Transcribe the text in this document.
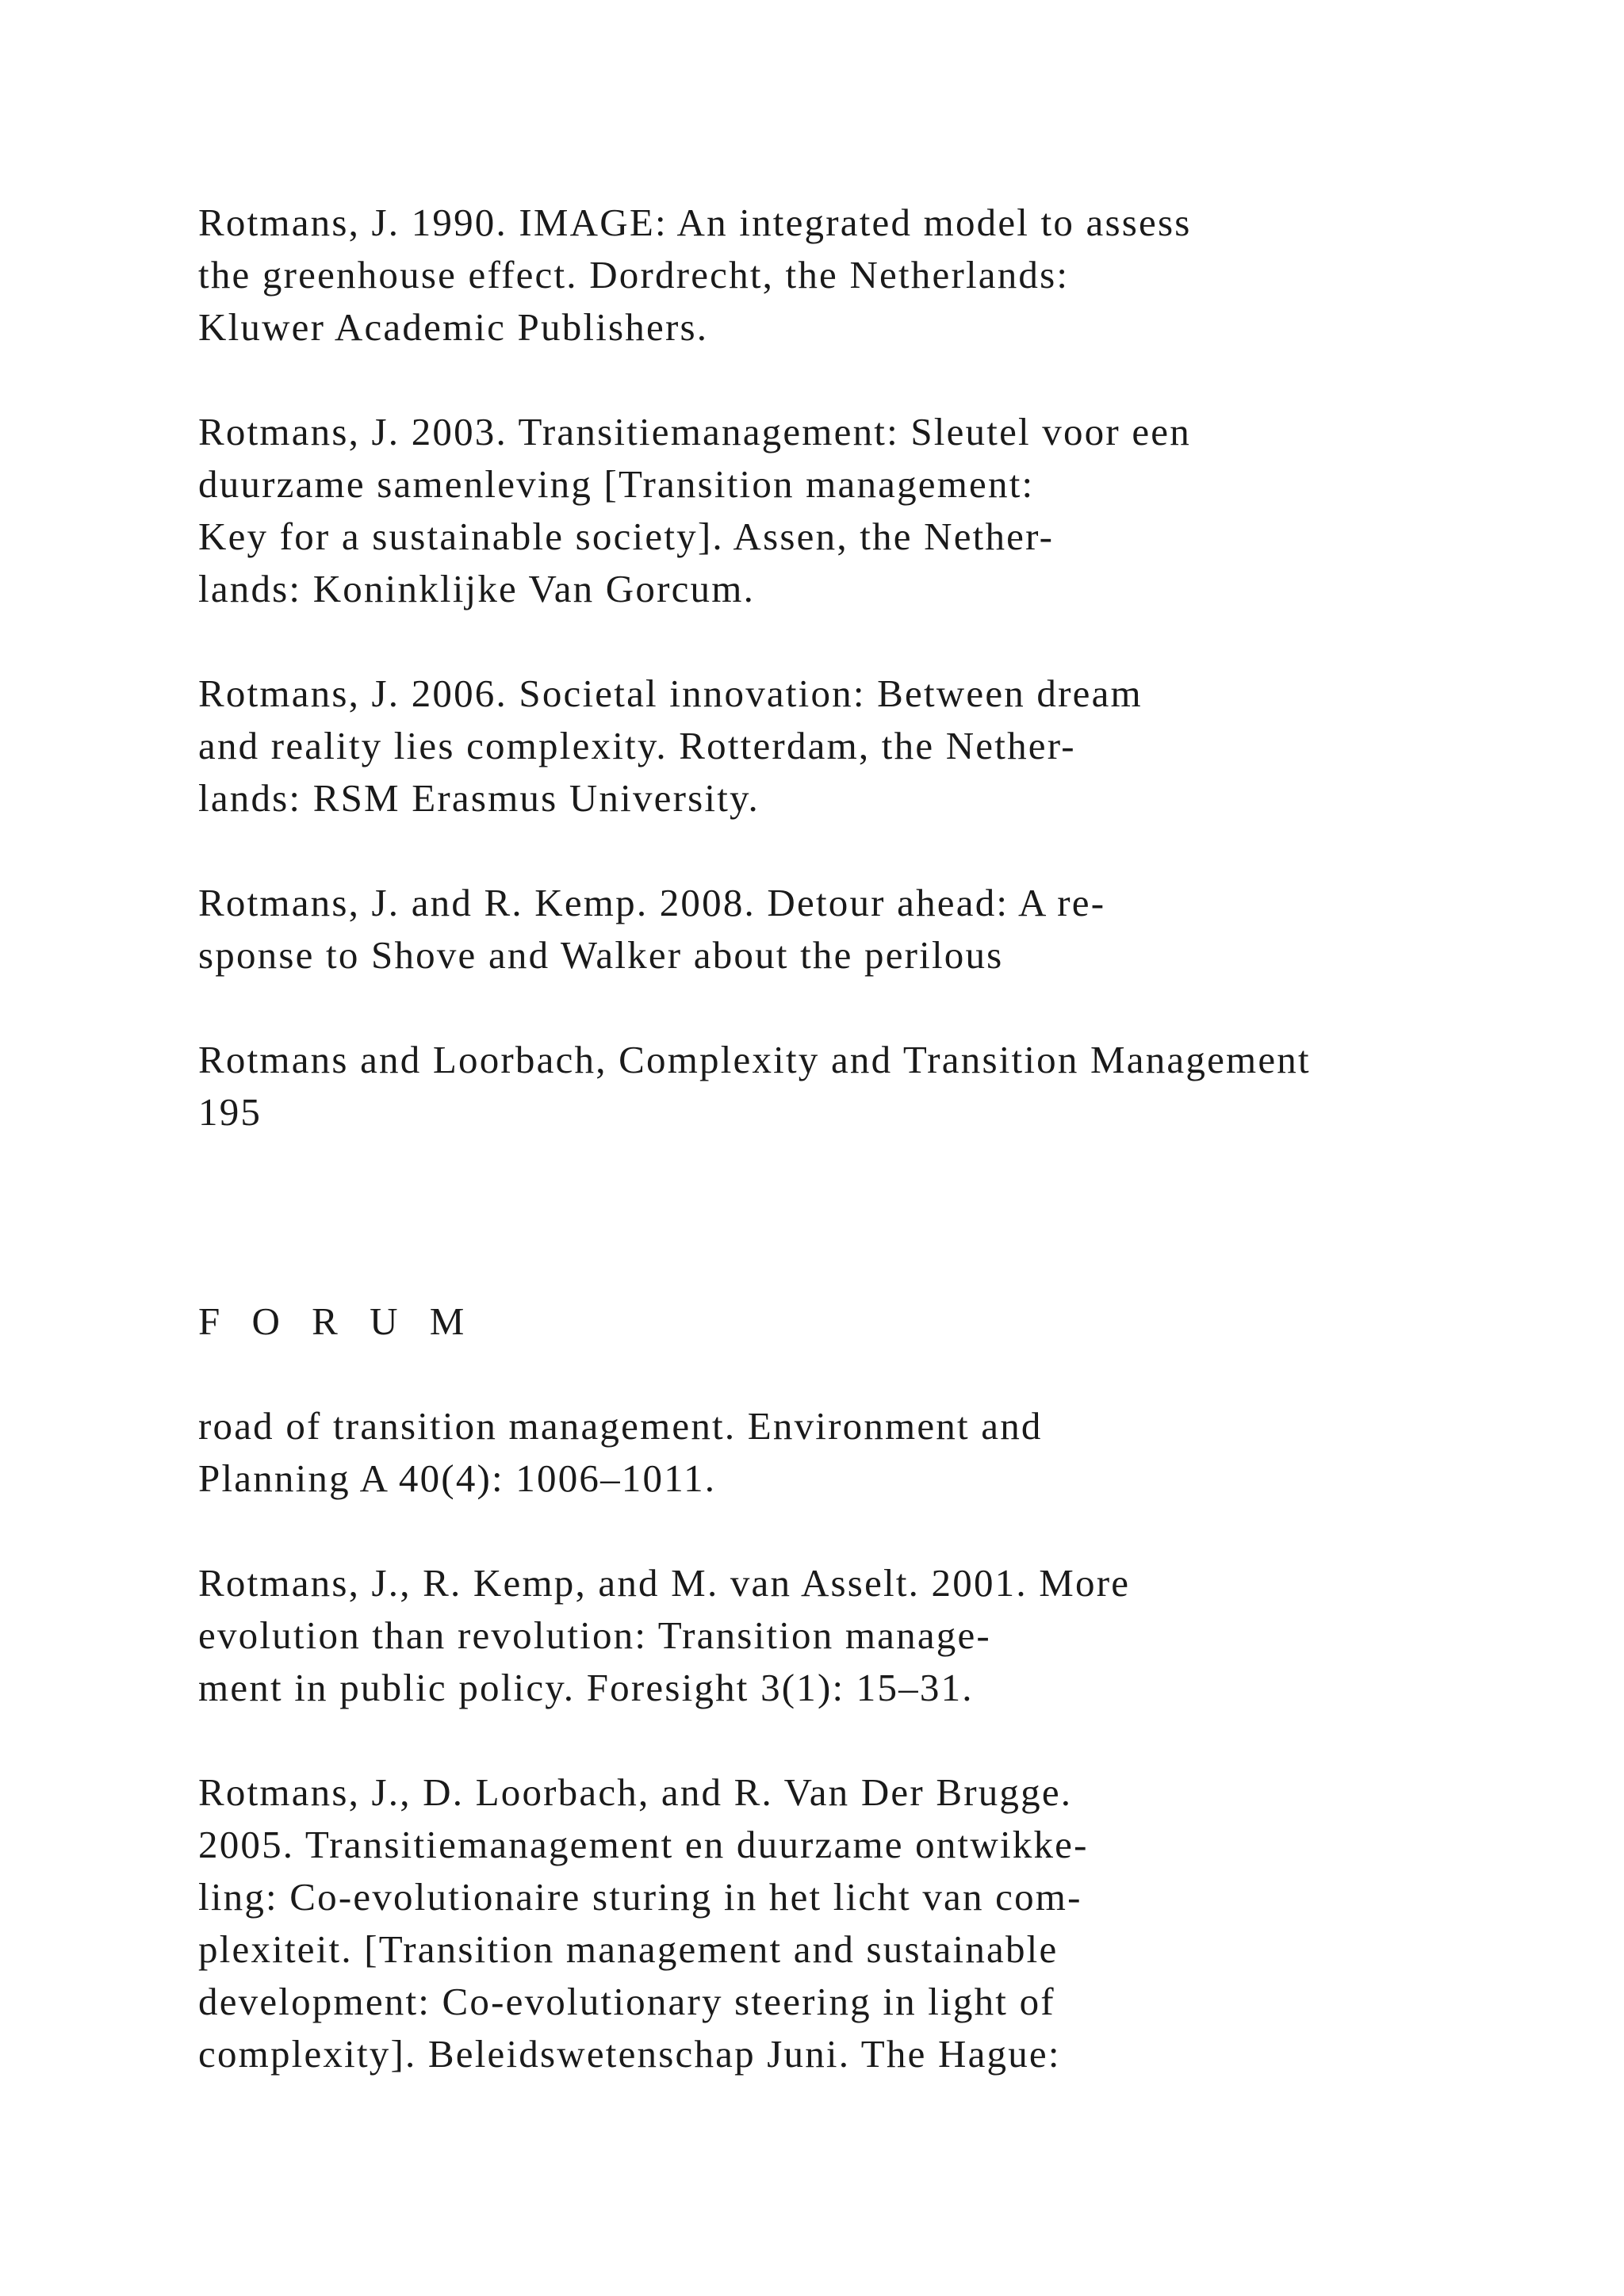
Rotmans, J. 1990. IMAGE: An integrated model to assess
the greenhouse effect. Dordrecht, the Netherlands:
Kluwer Academic Publishers.

Rotmans, J. 2003. Transitiemanagement: Sleutel voor een
duurzame samenleving [Transition management:
Key for a sustainable society]. Assen, the Nether-
lands: Koninklijke Van Gorcum.

Rotmans, J. 2006. Societal innovation: Between dream
and reality lies complexity. Rotterdam, the Nether-
lands: RSM Erasmus University.

Rotmans, J. and R. Kemp. 2008. Detour ahead: A re-
sponse to Shove and Walker about the perilous

Rotmans and Loorbach, Complexity and Transition Management
195

F O R U M

road of transition management. Environment and
Planning A 40(4): 1006–1011.

Rotmans, J., R. Kemp, and M. van Asselt. 2001. More
evolution than revolution: Transition manage-
ment in public policy. Foresight 3(1): 15–31.

Rotmans, J., D. Loorbach, and R. Van Der Brugge.
2005. Transitiemanagement en duurzame ontwikke-
ling: Co-evolutionaire sturing in het licht van com-
plexiteit. [Transition management and sustainable
development: Co-evolutionary steering in light of
complexity]. Beleidswetenschap Juni. The Hague:
